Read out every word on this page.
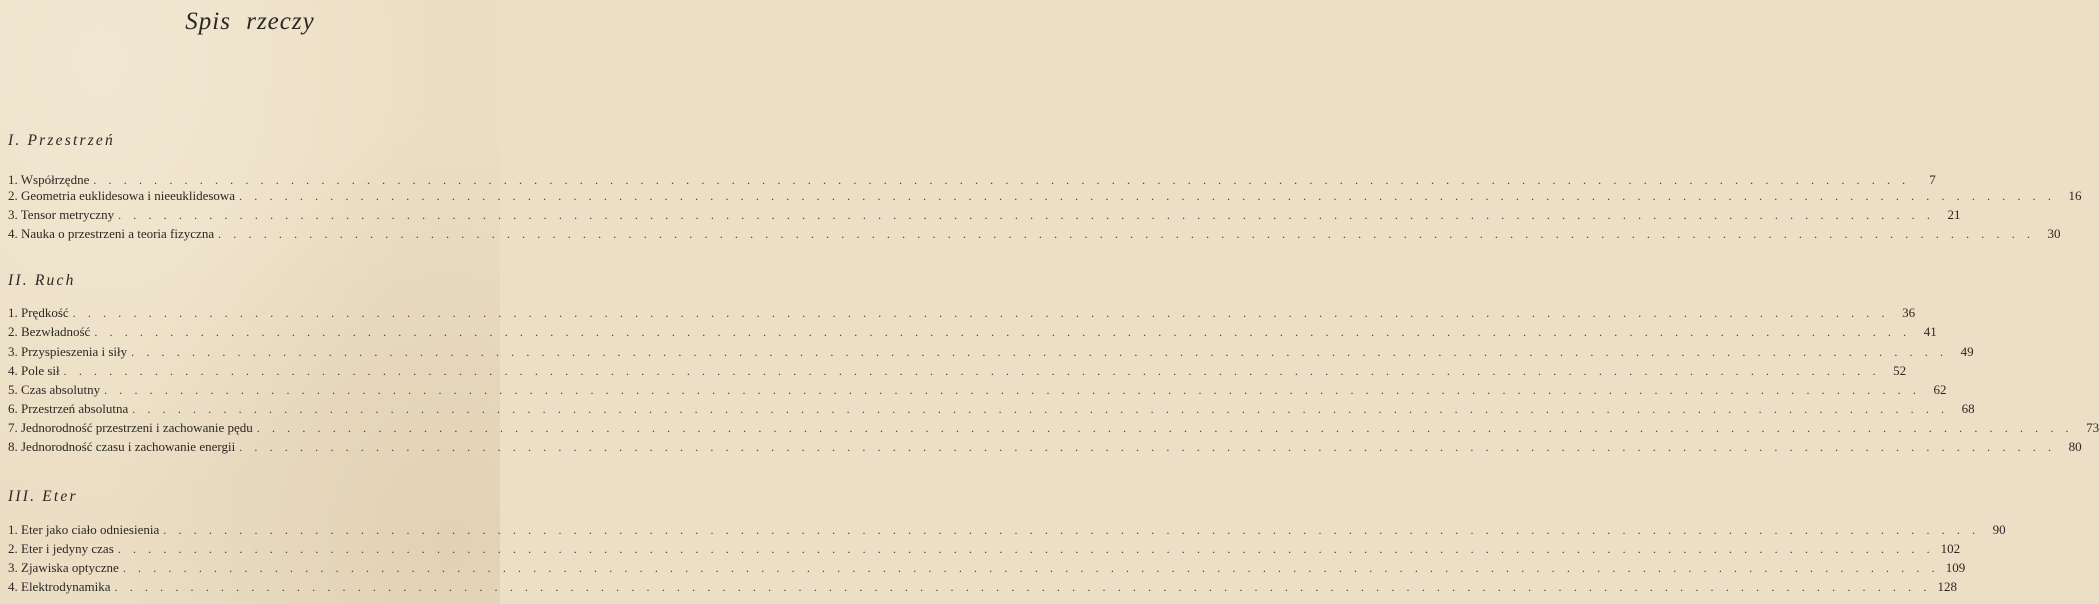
Spis rzeczy
I. Przestrzeń
1. Współrzędne . . . . . . . . . . . . . . . . . . . . . . . . . . . . . . . . . . . . . . . . . . . . . . . . . . . . . . . . . . . . . . . . . . . . . . . . . . . . . . . . . . . . . . . . . . . . . . . . . . . . . . . . . . . . . . . . . . . . . . . .	7
2. Geometria euklidesowa i nieeuklidesowa . . . . . . . . . . . . . . . . . . . . . . . . . . . . . . . . . . . . . . . . . . . . . . . . . . . . . . . . . . . . . . . . . . . . . . . . . . . . . . . . . . . . . . . . . . . . . . . . . . . . . . . . . . . . . . . . . . . . . . . .	16
3. Tensor metryczny . . . . . . . . . . . . . . . . . . . . . . . . . . . . . . . . . . . . . . . . . . . . . . . . . . . . . . . . . . . . . . . . . . . . . . . . . . . . . . . . . . . . . . . . . . . . . . . . . . . . . . . . . . . . . . . . . . . . . . . .	21
4. Nauka o przestrzeni a teoria fizyczna . . . . . . . . . . . . . . . . . . . . . . . . . . . . . . . . . . . . . . . . . . . . . . . . . . . . . . . . . . . . . . . . . . . . . . . . . . . . . . . . . . . . . . . . . . . . . . . . . . . . . . . . . . . . . . . . . . . . . . . .	30
II. Ruch
1. Prędkość . . . . . . . . . . . . . . . . . . . . . . . . . . . . . . . . . . . . . . . . . . . . . . . . . . . . . . . . . . . . . . . . . . . . . . . . . . . . . . . . . . . . . . . . . . . . . . . . . . . . . . . . . . . . . . . . . . . . . . . .	36
2. Bezwładność . . . . . . . . . . . . . . . . . . . . . . . . . . . . . . . . . . . . . . . . . . . . . . . . . . . . . . . . . . . . . . . . . . . . . . . . . . . . . . . . . . . . . . . . . . . . . . . . . . . . . . . . . . . . . . . . . . . . . . . .	41
3. Przyspieszenia i siły . . . . . . . . . . . . . . . . . . . . . . . . . . . . . . . . . . . . . . . . . . . . . . . . . . . . . . . . . . . . . . . . . . . . . . . . . . . . . . . . . . . . . . . . . . . . . . . . . . . . . . . . . . . . . . . . . . . . . . . .	49
4. Pole sił . . . . . . . . . . . . . . . . . . . . . . . . . . . . . . . . . . . . . . . . . . . . . . . . . . . . . . . . . . . . . . . . . . . . . . . . . . . . . . . . . . . . . . . . . . . . . . . . . . . . . . . . . . . . . . . . . . . . . . . .	52
5. Czas absolutny . . . . . . . . . . . . . . . . . . . . . . . . . . . . . . . . . . . . . . . . . . . . . . . . . . . . . . . . . . . . . . . . . . . . . . . . . . . . . . . . . . . . . . . . . . . . . . . . . . . . . . . . . . . . . . . . . . . . . . . .	62
6. Przestrzeń absolutna . . . . . . . . . . . . . . . . . . . . . . . . . . . . . . . . . . . . . . . . . . . . . . . . . . . . . . . . . . . . . . . . . . . . . . . . . . . . . . . . . . . . . . . . . . . . . . . . . . . . . . . . . . . . . . . . . . . . . . . .	68
7. Jednorodność przestrzeni i zachowanie pędu . . . . . . . . . . . . . . . . . . . . . . . . . . . . . . . . . . . . . . . . . . . . . . . . . . . . . . . . . . . . . . . . . . . . . . . . . . . . . . . . . . . . . . . . . . . . . . . . . . . . . . . . . . . . . . . . . . . . . . . .	73
8. Jednorodność czasu i zachowanie energii . . . . . . . . . . . . . . . . . . . . . . . . . . . . . . . . . . . . . . . . . . . . . . . . . . . . . . . . . . . . . . . . . . . . . . . . . . . . . . . . . . . . . . . . . . . . . . . . . . . . . . . . . . . . . . . . . . . . . . . .	80
III. Eter
1. Eter jako ciało odniesienia . . . . . . . . . . . . . . . . . . . . . . . . . . . . . . . . . . . . . . . . . . . . . . . . . . . . . . . . . . . . . . . . . . . . . . . . . . . . . . . . . . . . . . . . . . . . . . . . . . . . . . . . . . . . . . . . . . . . . . . .	90
2. Eter i jedyny czas . . . . . . . . . . . . . . . . . . . . . . . . . . . . . . . . . . . . . . . . . . . . . . . . . . . . . . . . . . . . . . . . . . . . . . . . . . . . . . . . . . . . . . . . . . . . . . . . . . . . . . . . . . . . . . . . . . . . . . . . 102
3. Zjawiska optyczne . . . . . . . . . . . . . . . . . . . . . . . . . . . . . . . . . . . . . . . . . . . . . . . . . . . . . . . . . . . . . . . . . . . . . . . . . . . . . . . . . . . . . . . . . . . . . . . . . . . . . . . . . . . . . . . . . . . . . . . . 109
4. Elektrodynamika . . . . . . . . . . . . . . . . . . . . . . . . . . . . . . . . . . . . . . . . . . . . . . . . . . . . . . . . . . . . . . . . . . . . . . . . . . . . . . . . . . . . . . . . . . . . . . . . . . . . . . . . . . . . . . . . . . . . . . . . 128
